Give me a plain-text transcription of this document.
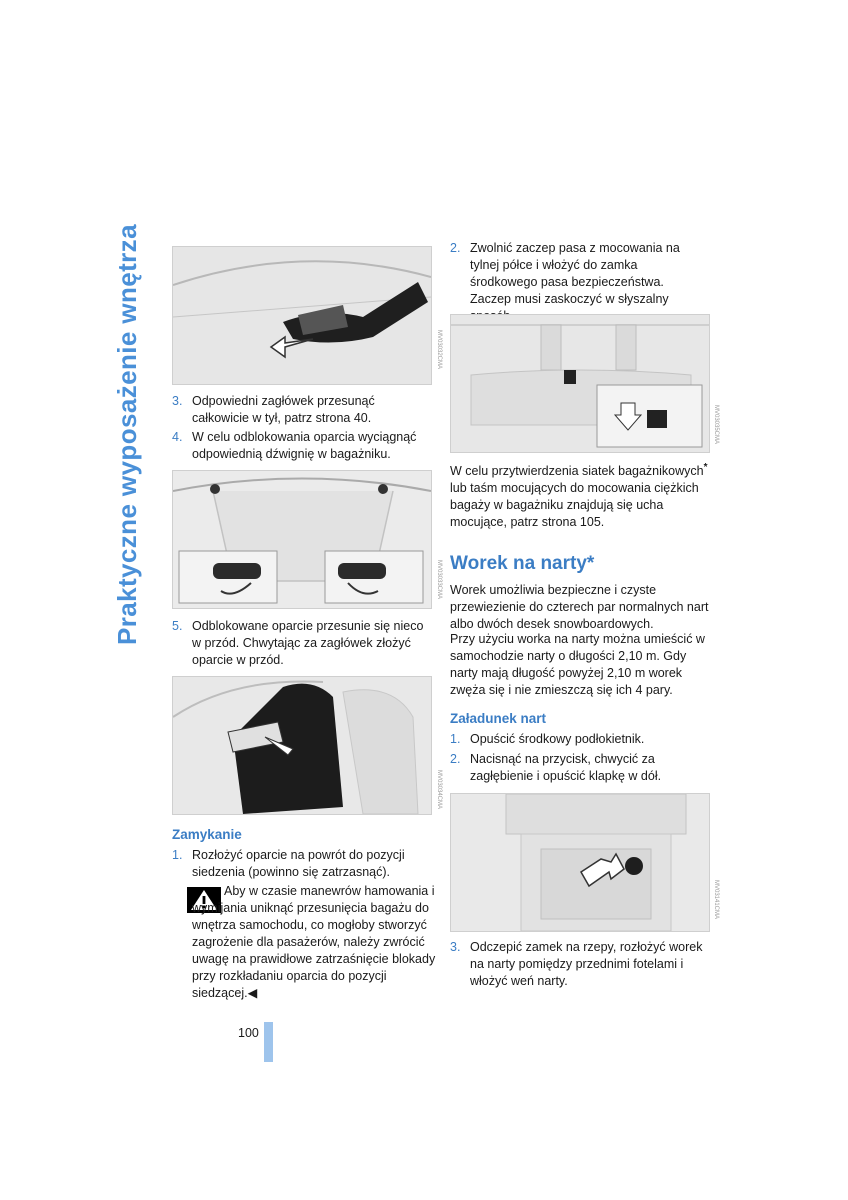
Praktyczne wyposażenie wnętrza	MV03032CMA
3. Odpowiedni zagłówek przesunąć całkowicie w tył, patrz strona 40.
4. W celu odblokowania oparcia wyciągnąć odpowiednią dźwignię w bagażniku.
MV03033CMA
5. Odblokowane oparcie przesunie się nieco w przód. Chwytając za zagłówek złożyć oparcie w przód.
MV03034CMA
Zamykanie
1. Rozłożyć oparcie na powrót do pozycji siedzenia (powinno się zatrzasnąć).
Aby w czasie manewrów hamowania i wymijania uniknąć przesunięcia bagażu do wnętrza samochodu, co mogłoby stworzyć zagrożenie dla pasażerów, należy zwrócić uwagę na prawidłowe zatrzaśnięcie blokady przy rozkładaniu oparcia do pozycji siedzącej.◀
100
2. Zwolnić zaczep pasa z mocowania na tylnej półce i włożyć do zamka środkowego pasa bezpieczeństwa. Zaczep musi zaskoczyć w słyszalny
MV03035CMA
W celu przytwierdzenia siatek bagażnikowych* lub taśm mocujących do mocowania ciężkich bagaży w bagażniku znajdują się ucha mocujące, patrz strona 105.
Worek na narty*
Worek umożliwia bezpieczne i czyste przewiezienie do czterech par normalnych nart albo dwóch desek snowboardowych.
Przy użyciu worka na narty można umieścić w samochodzie narty o długości 2,10 m. Gdy narty mają długość powyżej 2,10 m worek zwęża się i nie zmieszczą się ich 4 pary.
Załadunek nart
1. Opuścić środkowy podłokietnik.
2. Nacisnąć na przycisk, chwycić za zagłębienie i opuścić klapkę w dół.
MV03141CMA
3. Odczepić zamek na rzepy, rozłożyć worek na narty pomiędzy przednimi fotelami i włożyć weń narty.
